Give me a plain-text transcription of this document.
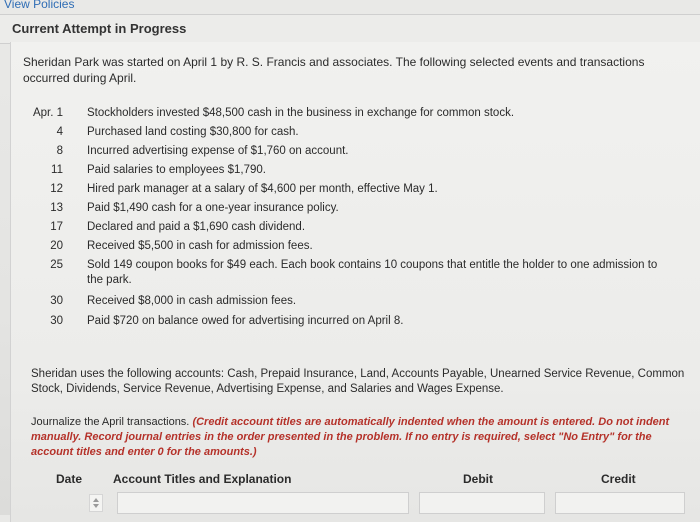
View Policies
Current Attempt in Progress
Sheridan Park was started on April 1 by R. S. Francis and associates. The following selected events and transactions occurred during April.
Apr. 1 Stockholders invested $48,500 cash in the business in exchange for common stock.
4 Purchased land costing $30,800 for cash.
8 Incurred advertising expense of $1,760 on account.
11 Paid salaries to employees $1,790.
12 Hired park manager at a salary of $4,600 per month, effective May 1.
13 Paid $1,490 cash for a one-year insurance policy.
17 Declared and paid a $1,690 cash dividend.
20 Received $5,500 in cash for admission fees.
25 Sold 149 coupon books for $49 each. Each book contains 10 coupons that entitle the holder to one admission to the park.
30 Received $8,000 in cash admission fees.
30 Paid $720 on balance owed for advertising incurred on April 8.
Sheridan uses the following accounts: Cash, Prepaid Insurance, Land, Accounts Payable, Unearned Service Revenue, Common Stock, Dividends, Service Revenue, Advertising Expense, and Salaries and Wages Expense.
Journalize the April transactions. (Credit account titles are automatically indented when the amount is entered. Do not indent manually. Record journal entries in the order presented in the problem. If no entry is required, select "No Entry" for the account titles and enter 0 for the amounts.)
Date	Account Titles and Explanation	Debit	Credit
